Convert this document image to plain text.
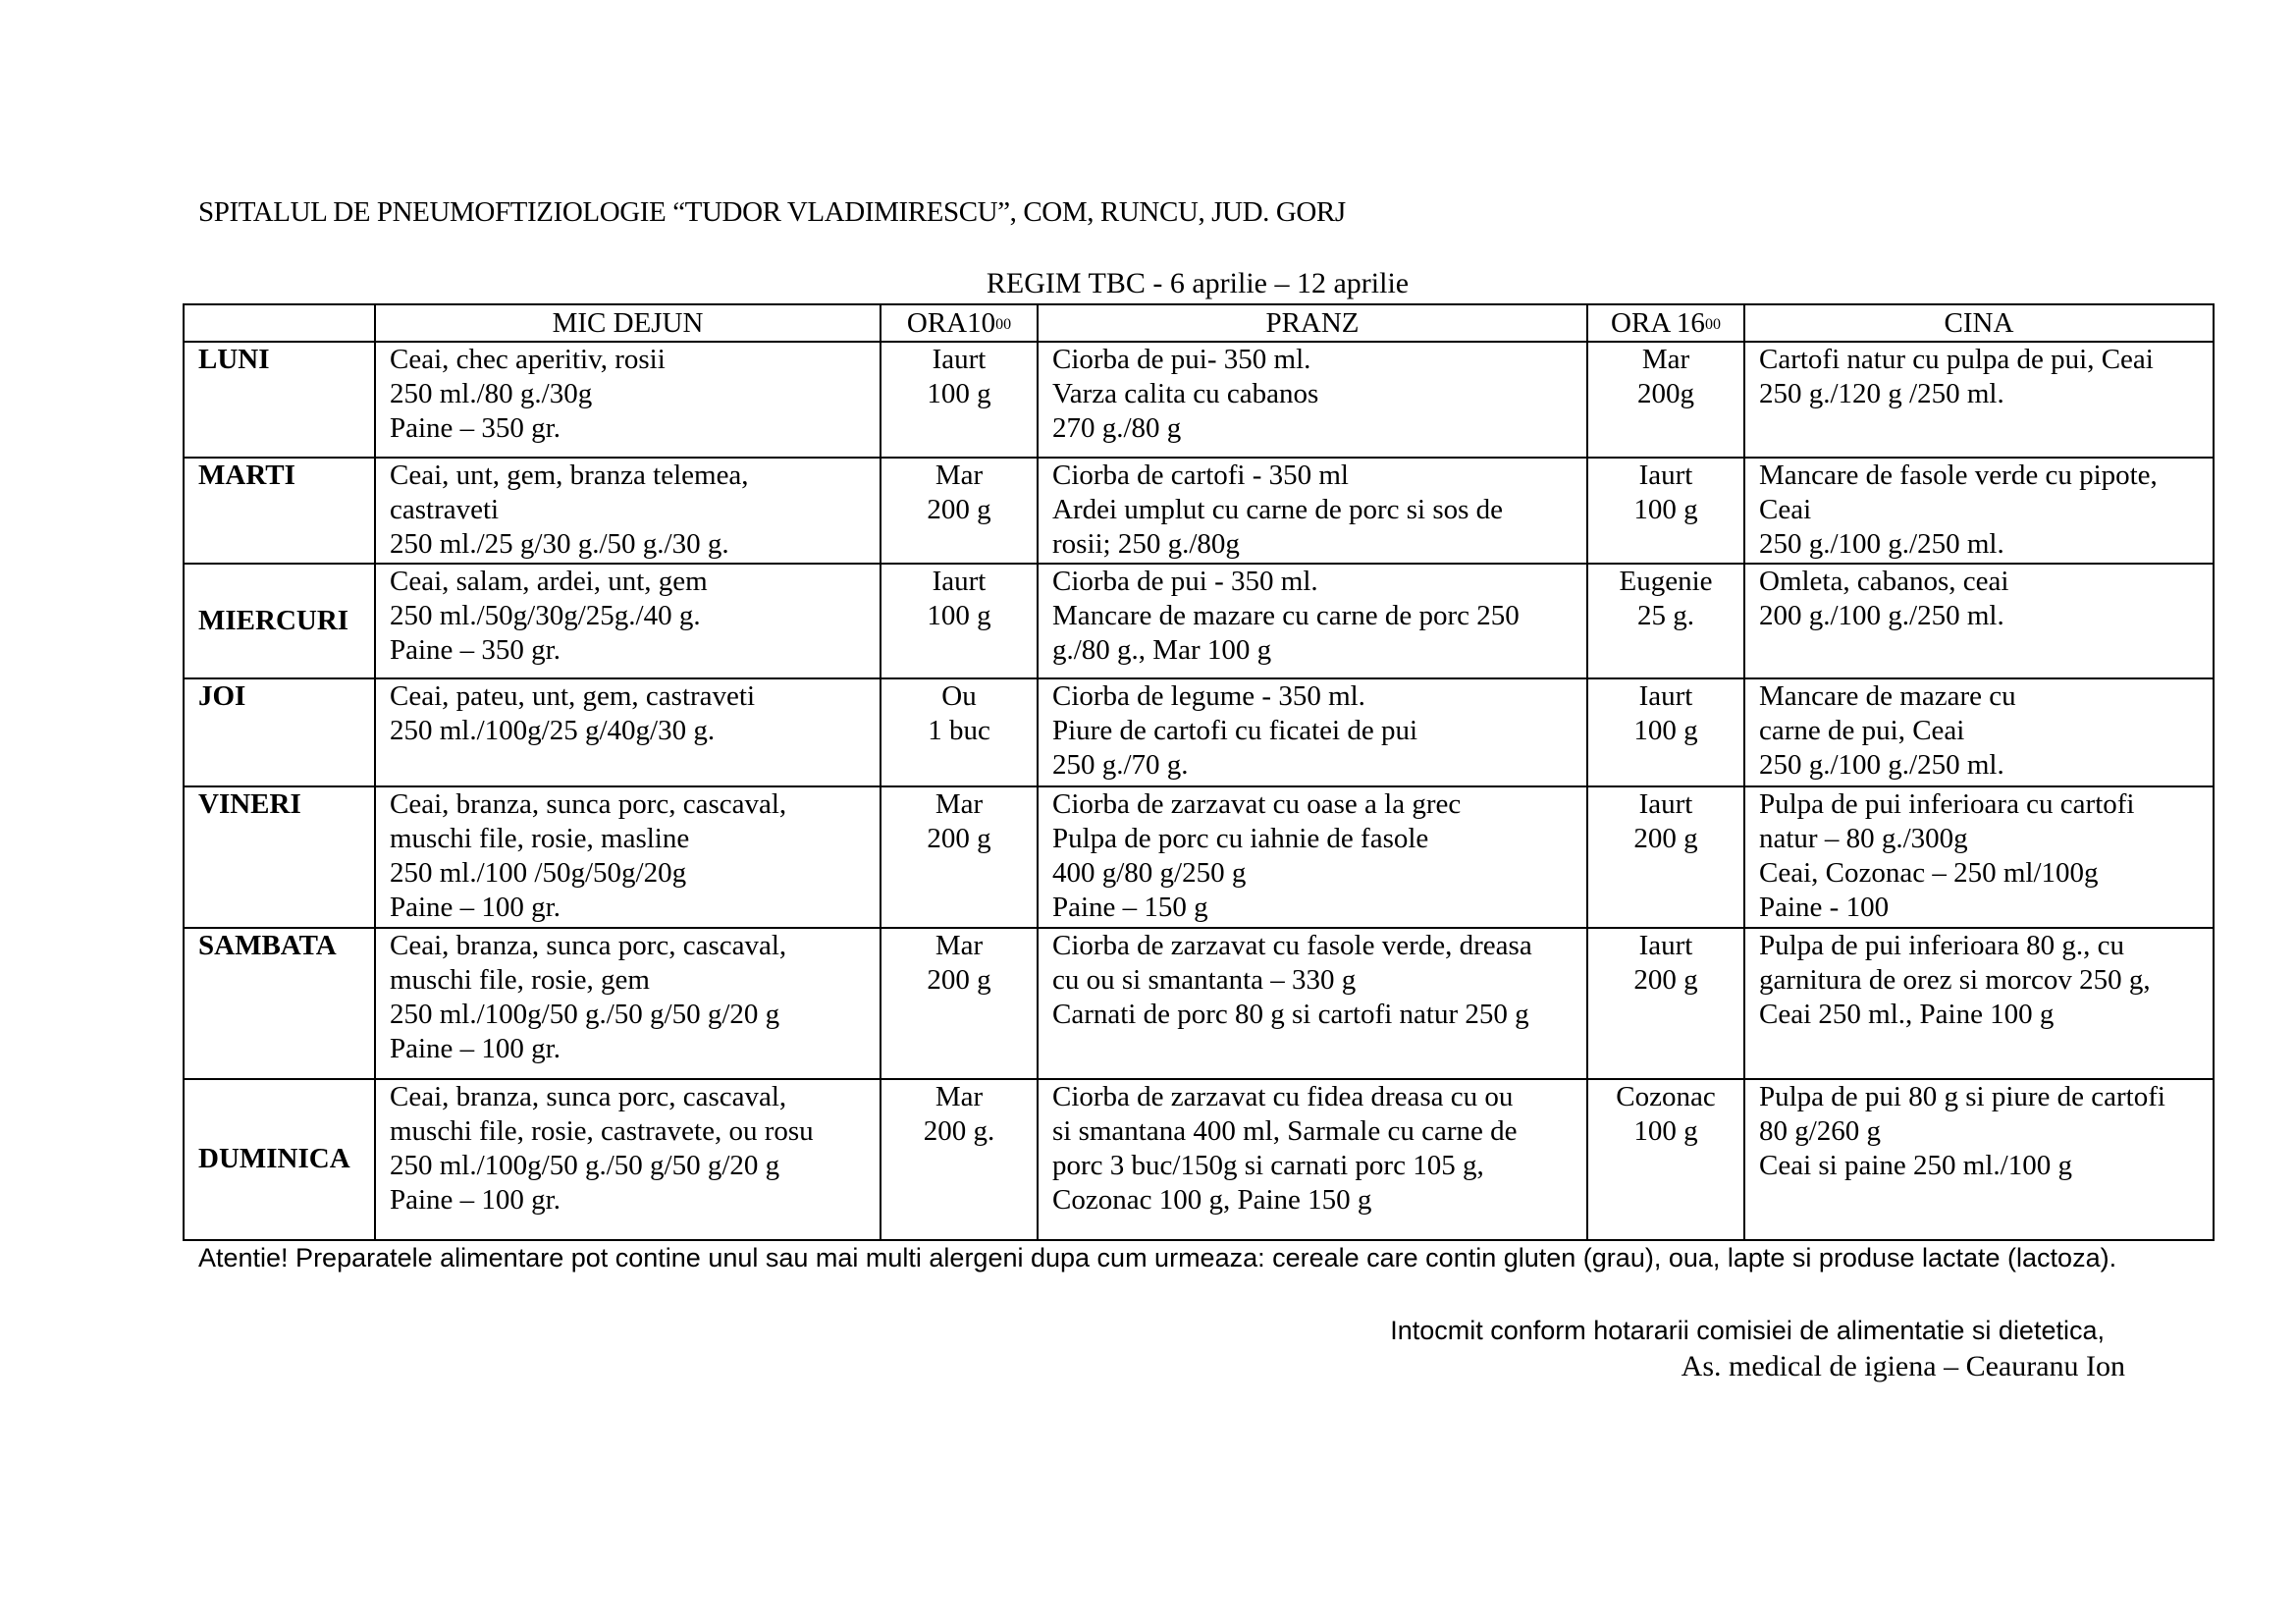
SPITALUL DE PNEUMOFTIZIOLOGIE “TUDOR VLADIMIRESCU”, COM, RUNCU, JUD. GORJ
REGIM TBC - 6 aprilie – 12 aprilie
	MIC DEJUN	$ORA10^{00}$	PRANZ	ORA $16^{00}$	CINA
LUNI	Ceai, chec aperitiv, rosii
250 ml./80 g./30g
Paine – 350 gr.	Iaurt
100 g	Ciorba de pui- 350 ml.
Varza calita cu cabanos
270 g./80 g	Mar
200g	Cartofi natur cu pulpa de pui, Ceai
250 g./120 g /250 ml.

MARTI	Ceai, unt, gem, branza telemea,
castraveti
250 ml./25 g/30 g./50 g./30 g.	Mar
200 g	Ciorba de cartofi - 350 ml
Ardei umplut cu carne de porc si sos de
rosii; 250 g./80g	Iaurt
100 g	Mancare de fasole verde cu pipote,
Ceai
250 g./100 g./250 ml.

MIERCURI	Ceai, salam, ardei, unt, gem
250 ml./50g/30g/25g./40 g.
Paine – 350 gr.	Iaurt
100 g	Ciorba de pui - 350 ml.
Mancare de mazare cu carne de porc 250
g./80 g., Mar 100 g	Eugenie
25 g.	Omleta, cabanos, ceai
200 g./100 g./250 ml.

JOI	Ceai, pateu, unt, gem, castraveti
250 ml./100g/25 g/40g/30 g.	Ou
1 buc	Ciorba de legume - 350 ml.
Piure de cartofi cu ficatei de pui
250 g./70 g.	Iaurt
100 g	Mancare de mazare cu
carne de pui, Ceai
250 g./100 g./250 ml.

VINERI	Ceai, branza, sunca porc, cascaval,
muschi file, rosie, masline
250 ml./100 /50g/50g/20g
Paine – 100 gr.	Mar
200 g	Ciorba de zarzavat cu oase a la grec
Pulpa de porc cu iahnie de fasole
400 g/80 g/250 g
Paine – 150 g	Iaurt
200 g	Pulpa de pui inferioara cu cartofi
natur – 80 g./300g
Ceai, Cozonac – 250 ml/100g
Paine - 100

SAMBATA	Ceai, branza, sunca porc, cascaval,
muschi file, rosie, gem
250 ml./100g/50 g./50 g/50 g/20 g
Paine – 100 gr.	Mar
200 g	Ciorba de zarzavat cu fasole verde, dreasa
cu ou si smantanta – 330 g
Carnati de porc 80 g si cartofi natur 250 g	Iaurt
200 g	Pulpa de pui inferioara 80 g., cu
garnitura de orez si morcov 250 g,
Ceai 250 ml., Paine 100 g

DUMINICA	Ceai, branza, sunca porc, cascaval,
muschi file, rosie, castravete, ou rosu
250 ml./100g/50 g./50 g/50 g/20 g
Paine – 100 gr.	Mar
200 g.	Ciorba de zarzavat cu fidea dreasa cu ou
si smantana 400 ml, Sarmale cu carne de
porc 3 buc/150g si carnati porc 105 g,
Cozonac 100 g, Paine 150 g	Cozonac
100 g	Pulpa de pui 80 g si piure de cartofi
80 g/260 g
Ceai si paine 250 ml./100 g
Atentie! Preparatele alimentare pot contine unul sau mai multi alergeni dupa cum urmeaza: cereale care contin gluten (grau), oua, lapte si produse lactate (lactoza).
Intocmit conform hotararii comisiei de alimentatie si dietetica,
As. medical de igiena – Ceauranu Ion
